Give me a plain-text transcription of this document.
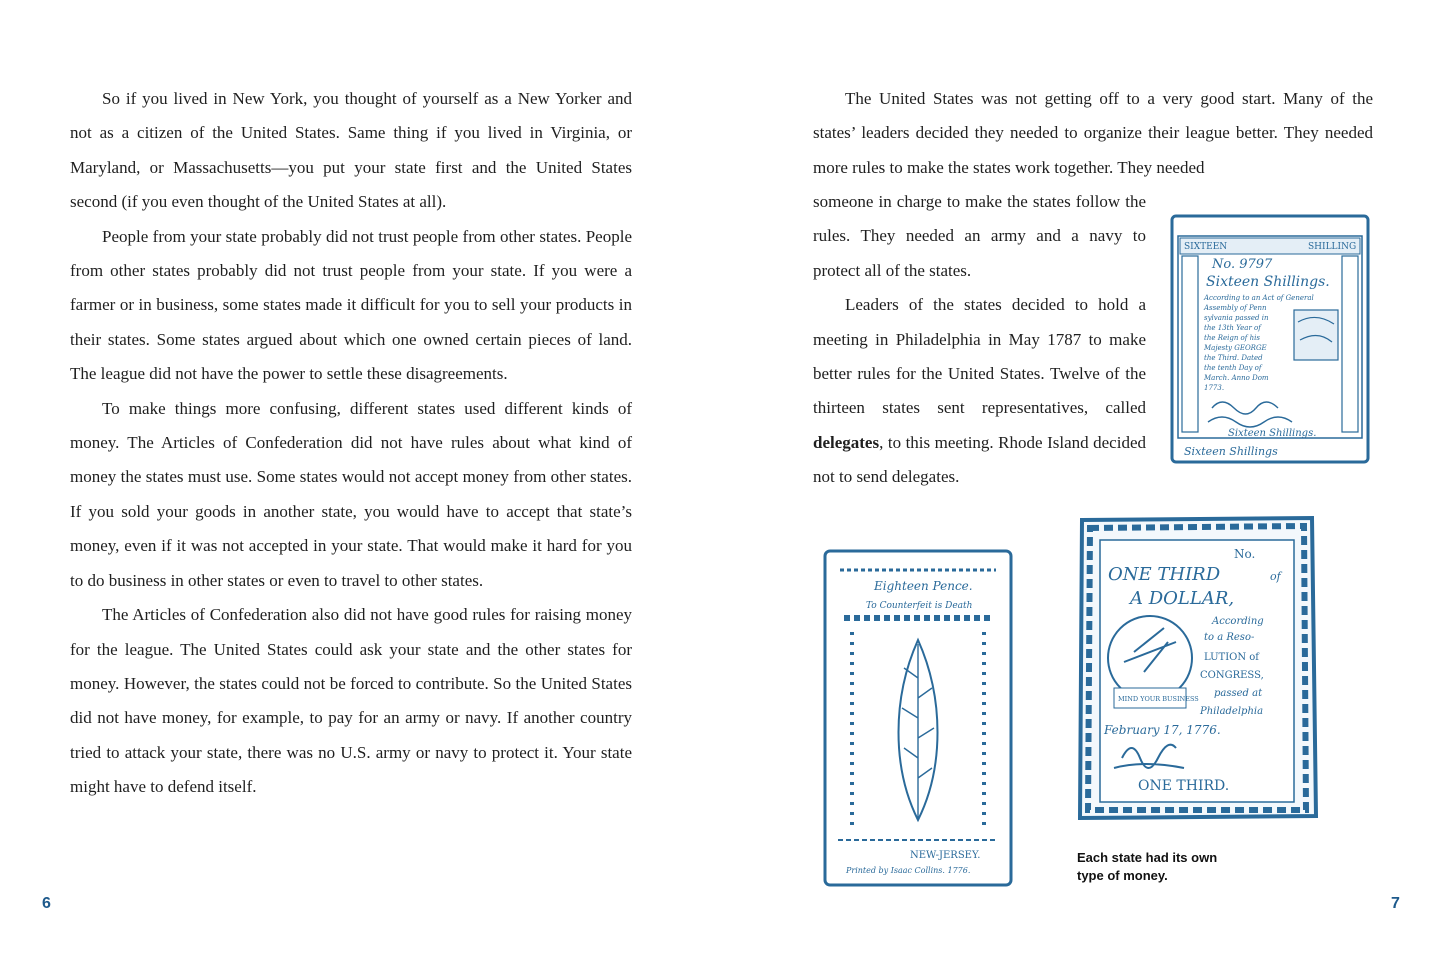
So if you lived in New York, you thought of yourself as a New Yorker and not as a citizen of the United States. Same thing if you lived in Virginia, or Maryland, or Massachusetts—you put your state first and the United States second (if you even thought of the United States at all).

People from your state probably did not trust people from other states. People from other states probably did not trust people from your state. If you were a farmer or in business, some states made it difficult for you to sell your products in their states. Some states argued about which one owned certain pieces of land. The league did not have the power to settle these disagreements.

To make things more confusing, different states used different kinds of money. The Articles of Confederation did not have rules about what kind of money the states must use. Some states would not accept money from other states. If you sold your goods in another state, you would have to accept that state’s money, even if it was not accepted in your state. That would make it hard for you to do business in other states or even to travel to other states.

The Articles of Confederation also did not have good rules for raising money for the league. The United States could ask your state and the other states for money. However, the states could not be forced to contribute. So the United States did not have money, for example, to pay for an army or navy. If another country tried to attack your state, there was no U.S. army or navy to protect it. Your state might have to defend itself.

6

The United States was not getting off to a very good start. Many of the states’ leaders decided they needed to organize their league better. They needed more rules to make the states work together. They needed

someone in charge to make the states follow the rules. They needed an army and a navy to protect all of the states.

Leaders of the states decided to hold a meeting in Philadelphia in May 1787 to make better rules for the United States. Twelve of the thirteen states sent representatives, called delegates, to this meeting. Rhode Island decided not to send delegates.

SIXTEEN	SHILLING
No. 9797
Sixteen Shillings.
According to an Act of General
Assembly of Penn
sylvania passed in
the 13th Year of
the Reign of his
Majesty GEORGE
the Third. Dated
the tenth Day of
March. Anno Dom
1773.
Sixteen Shillings.
Sixteen Shillings
Eighteen Pence.
To Counterfeit is Death
NEW-JERSEY.
Printed by Isaac Collins. 1776.
No.
ONE THIRD	of
A DOLLAR,
MIND YOUR BUSINESS
According
to a Reso-
LUTION of
CONGRESS,
passed at
Philadelphia
February 17, 1776.
ONE THIRD.
Each state had its own type of money.
7
